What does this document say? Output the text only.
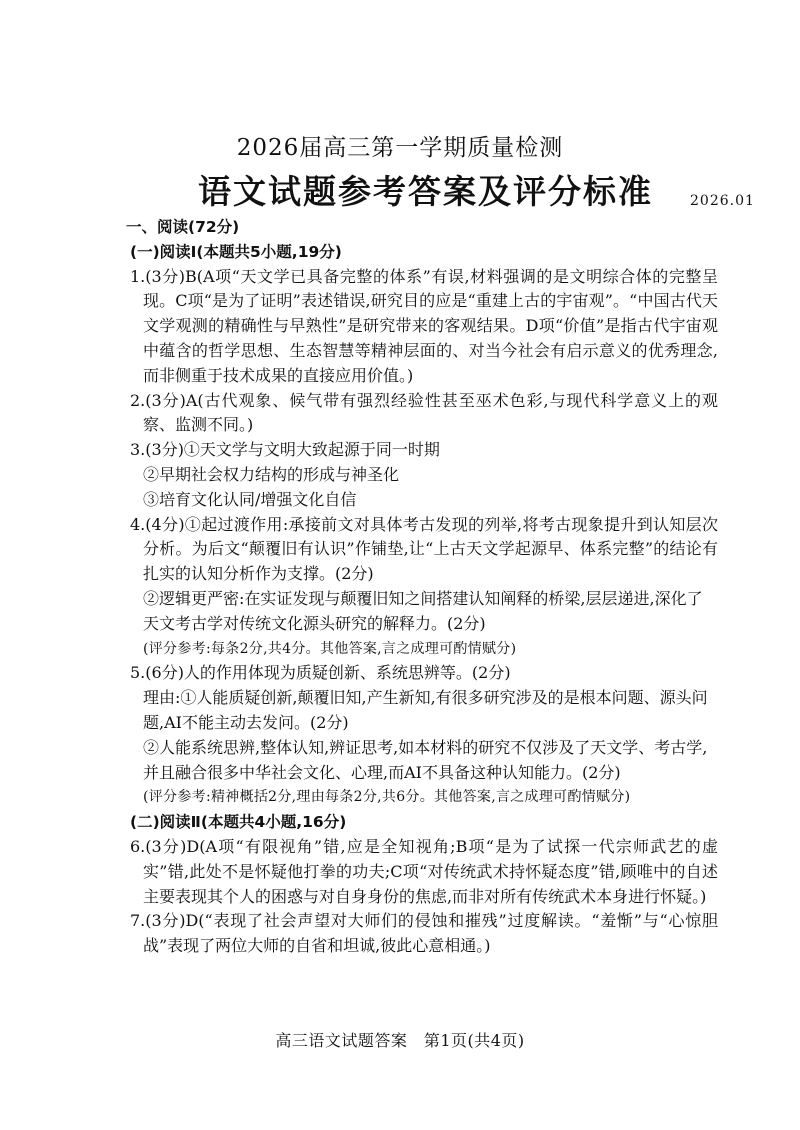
2026届高三第一学期质量检测
语文试题参考答案及评分标准	2026.01
一、阅读(72分)
(一)阅读Ⅰ(本题共5小题,19分)
1.(3分)B(A项“天文学已具备完整的体系”有误,材料强调的是文明综合体的完整呈现。C项“是为了证明”表述错误,研究目的应是“重建上古的宇宙观”。“中国古代天文学观测的精确性与早熟性”是研究带来的客观结果。D项“价值”是指古代宇宙观中蕴含的哲学思想、生态智慧等精神层面的、对当今社会有启示意义的优秀理念,而非侧重于技术成果的直接应用价值。)
2.(3分)A(古代观象、候气带有强烈经验性甚至巫术色彩,与现代科学意义上的观察、监测不同。)
3.(3分)①天文学与文明大致起源于同一时期
②早期社会权力结构的形成与神圣化
③培育文化认同/增强文化自信
4.(4分)①起过渡作用:承接前文对具体考古发现的列举,将考古现象提升到认知层次分析。为后文“颠覆旧有认识”作铺垫,让“上古天文学起源早、体系完整”的结论有扎实的认知分析作为支撑。(2分)
②逻辑更严密:在实证发现与颠覆旧知之间搭建认知阐释的桥梁,层层递进,深化了天文考古学对传统文化源头研究的解释力。(2分)
(评分参考:每条2分,共4分。其他答案,言之成理可酌情赋分)
5.(6分)人的作用体现为质疑创新、系统思辨等。(2分)
理由:①人能质疑创新,颠覆旧知,产生新知,有很多研究涉及的是根本问题、源头问题,AI不能主动去发问。(2分)
②人能系统思辨,整体认知,辨证思考,如本材料的研究不仅涉及了天文学、考古学,并且融合很多中华社会文化、心理,而AI不具备这种认知能力。(2分)
(评分参考:精神概括2分,理由每条2分,共6分。其他答案,言之成理可酌情赋分)
(二)阅读Ⅱ(本题共4小题,16分)
6.(3分)D(A项“有限视角”错,应是全知视角;B项“是为了试探一代宗师武艺的虚实”错,此处不是怀疑他打拳的功夫;C项“对传统武术持怀疑态度”错,顾唯中的自述主要表现其个人的困惑与对自身身份的焦虑,而非对所有传统武术本身进行怀疑。)
7.(3分)D(“表现了社会声望对大师们的侵蚀和摧残”过度解读。“羞惭”与“心惊胆战”表现了两位大师的自省和坦诚,彼此心意相通。)
高三语文试题答案　第1页(共4页)
